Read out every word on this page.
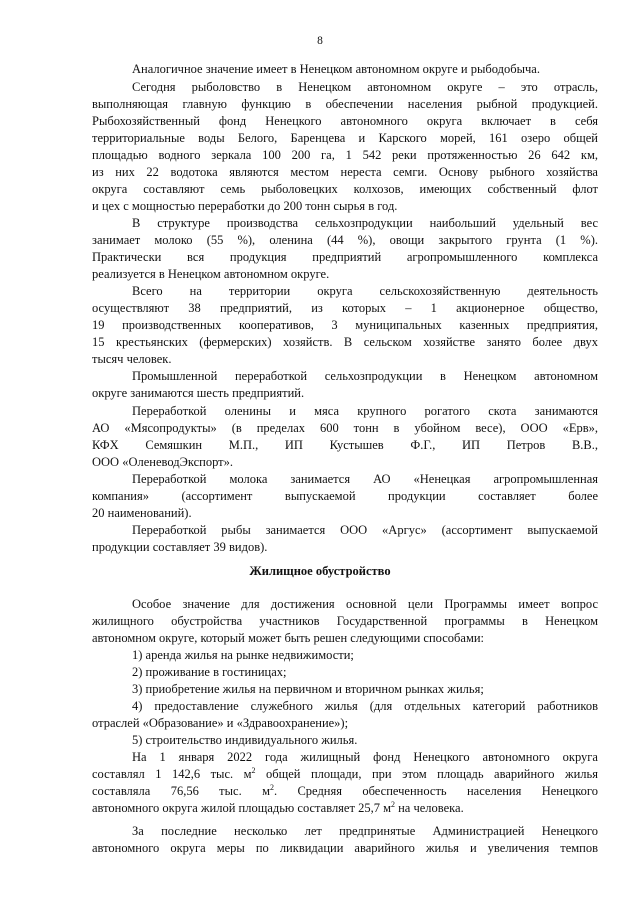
8
Аналогичное значение имеет в Ненецком автономном округе и рыбодобыча.
Сегодня рыболовство в Ненецком автономном округе – это отрасль,
выполняющая главную функцию в обеспечении населения рыбной продукцией.
Рыбохозяйственный фонд Ненецкого автономного округа включает в себя
территориальные воды Белого, Баренцева и Карского морей, 161 озеро общей
площадью водного зеркала 100 200 га, 1 542 реки протяженностью 26 642 км,
из них 22 водотока являются местом нереста семги. Основу рыбного хозяйства
округа составляют семь рыболовецких колхозов, имеющих собственный флот
и цех с мощностью переработки до 200 тонн сырья в год.
В структуре производства сельхозпродукции наибольший удельный вес
занимает молоко (55 %), оленина (44 %), овощи закрытого грунта (1 %).
Практически вся продукция предприятий агропромышленного комплекса
реализуется в Ненецком автономном округе.
Всего на территории округа сельскохозяйственную деятельность
осуществляют 38 предприятий, из которых – 1 акционерное общество,
19 производственных кооперативов, 3 муниципальных казенных предприятия,
15 крестьянских (фермерских) хозяйств. В сельском хозяйстве занято более двух
тысяч человек.
Промышленной переработкой сельхозпродукции в Ненецком автономном
округе занимаются шесть предприятий.
Переработкой оленины и мяса крупного рогатого скота занимаются
АО «Мясопродукты» (в пределах 600 тонн в убойном весе), ООО «Ерв»,
КФХ Семяшкин М.П., ИП Кустышев Ф.Г., ИП Петров В.В.,
ООО «ОленеводЭкспорт».
Переработкой молока занимается АО «Ненецкая агропромышленная
компания» (ассортимент выпускаемой продукции составляет более
20 наименований).
Переработкой рыбы занимается ООО «Аргус» (ассортимент выпускаемой
продукции составляет 39 видов).
Жилищное обустройство
Особое значение для достижения основной цели Программы имеет вопрос
жилищного обустройства участников Государственной программы в Ненецком
автономном округе, который может быть решен следующими способами:
1) аренда жилья на рынке недвижимости;
2) проживание в гостиницах;
3) приобретение жилья на первичном и вторичном рынках жилья;
4) предоставление служебного жилья (для отдельных категорий работников
отраслей «Образование» и «Здравоохранение»);
5) строительство индивидуального жилья.
На 1 января 2022 года жилищный фонд Ненецкого автономного округа
составлял 1 142,6 тыс. $м^2$ общей площади, при этом площадь аварийного жилья
составляла 76,56 тыс. $м^2$. Средняя обеспеченность населения Ненецкого
автономного округа жилой площадью составляет 25,7 $м^2$ на человека.
За последние несколько лет предпринятые Администрацией Ненецкого
автономного округа меры по ликвидации аварийного жилья и увеличения темпов
